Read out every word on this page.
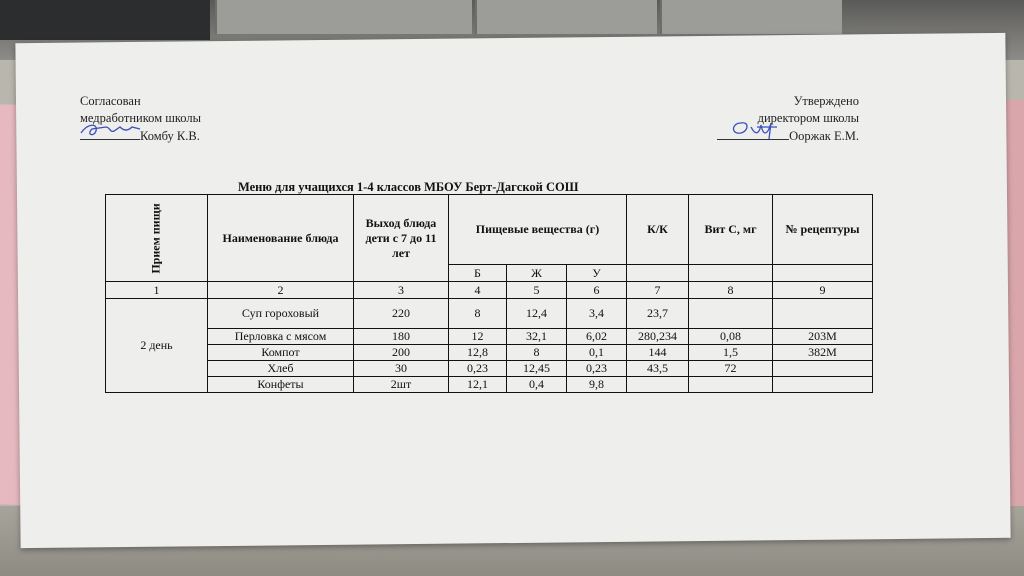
Согласован
медработником школы
Комбу К.В.
Утверждено
директором школы
Ооржак Е.М.
Меню для учащихся 1-4 классов МБОУ Берт-Дагской СОШ
Прием пищи	Наименование блюда	Выход блюда дети с 7 до 11 лет	Пищевые вещества (г)			К/К	Вит С, мг	№ рецептуры
			Б	Ж	У			
1	2	3	4	5	6	7	8	9
2 день	Суп гороховый	220	8	12,4	3,4	23,7		
	Перловка с мясом	180	12	32,1	6,02	280,234	0,08	203М
	Компот	200	12,8	8	0,1	144	1,5	382М
	Хлеб	30	0,23	12,45	0,23	43,5	72	
	Конфеты	2шт	12,1	0,4	9,8			
